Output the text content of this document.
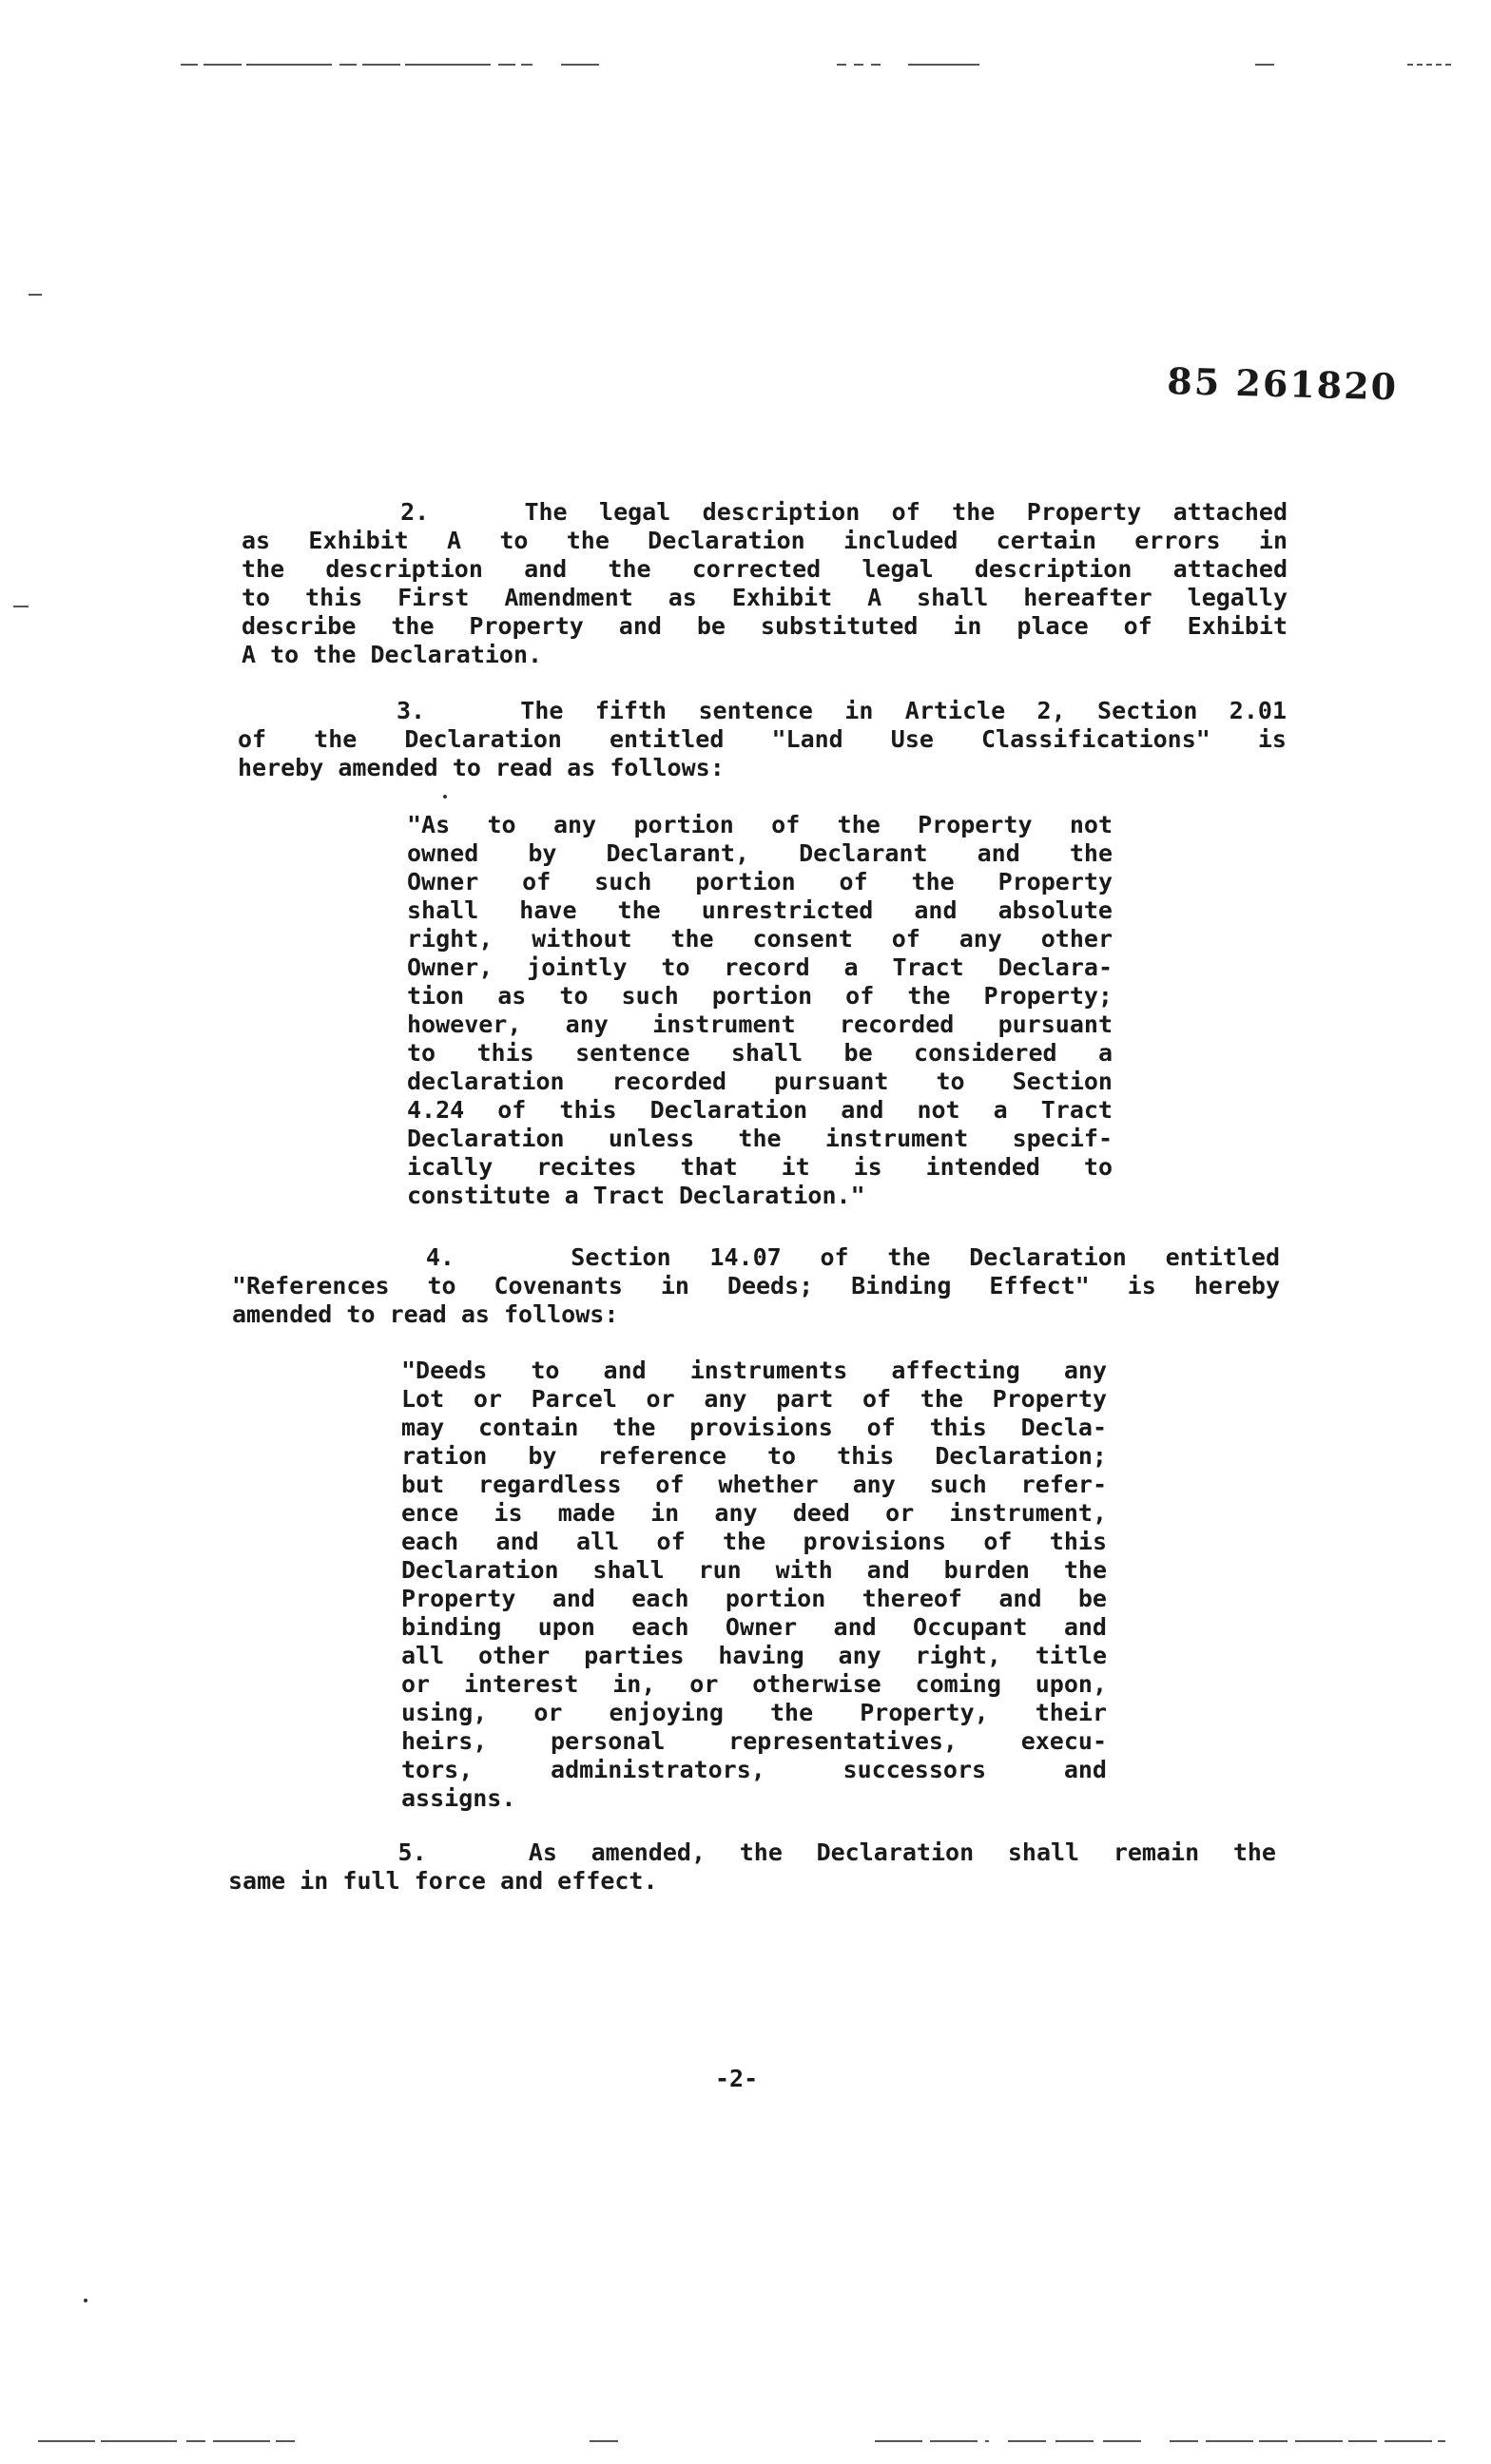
85 261820
2.   The legal description of the Property attached
as Exhibit A to the Declaration included certain errors in
the description and the corrected legal description attached
to this First Amendment as Exhibit A shall hereafter legally
describe the Property and be substituted in place of Exhibit
A to the Declaration.
3.   The fifth sentence in Article 2, Section 2.01
of the Declaration entitled "Land Use Classifications" is
hereby amended to read as follows:
"As to any portion of the Property not
owned by Declarant, Declarant and the
Owner of such portion of the Property
shall have the unrestricted and absolute
right, without the consent of any other
Owner, jointly to record a Tract Declara-
tion as to such portion of the Property;
however, any instrument recorded pursuant
to this sentence shall be considered a
declaration recorded pursuant to Section
4.24 of this Declaration and not a Tract
Declaration unless the instrument specif-
ically recites that it is intended to
constitute a Tract Declaration."
4.   Section 14.07 of the Declaration entitled
"References to Covenants in Deeds; Binding Effect" is hereby
amended to read as follows:
"Deeds to and instruments affecting any
Lot or Parcel or any part of the Property
may contain the provisions of this Decla-
ration by reference to this Declaration;
but regardless of whether any such refer-
ence is made in any deed or instrument,
each and all of the provisions of this
Declaration shall run with and burden the
Property and each portion thereof and be
binding upon each Owner and Occupant and
all other parties having any right, title
or interest in, or otherwise coming upon,
using, or enjoying the Property, their
heirs, personal representatives, execu-
tors, administrators, successors and
assigns.
5.   As amended, the Declaration shall remain the
same in full force and effect.
-2-
